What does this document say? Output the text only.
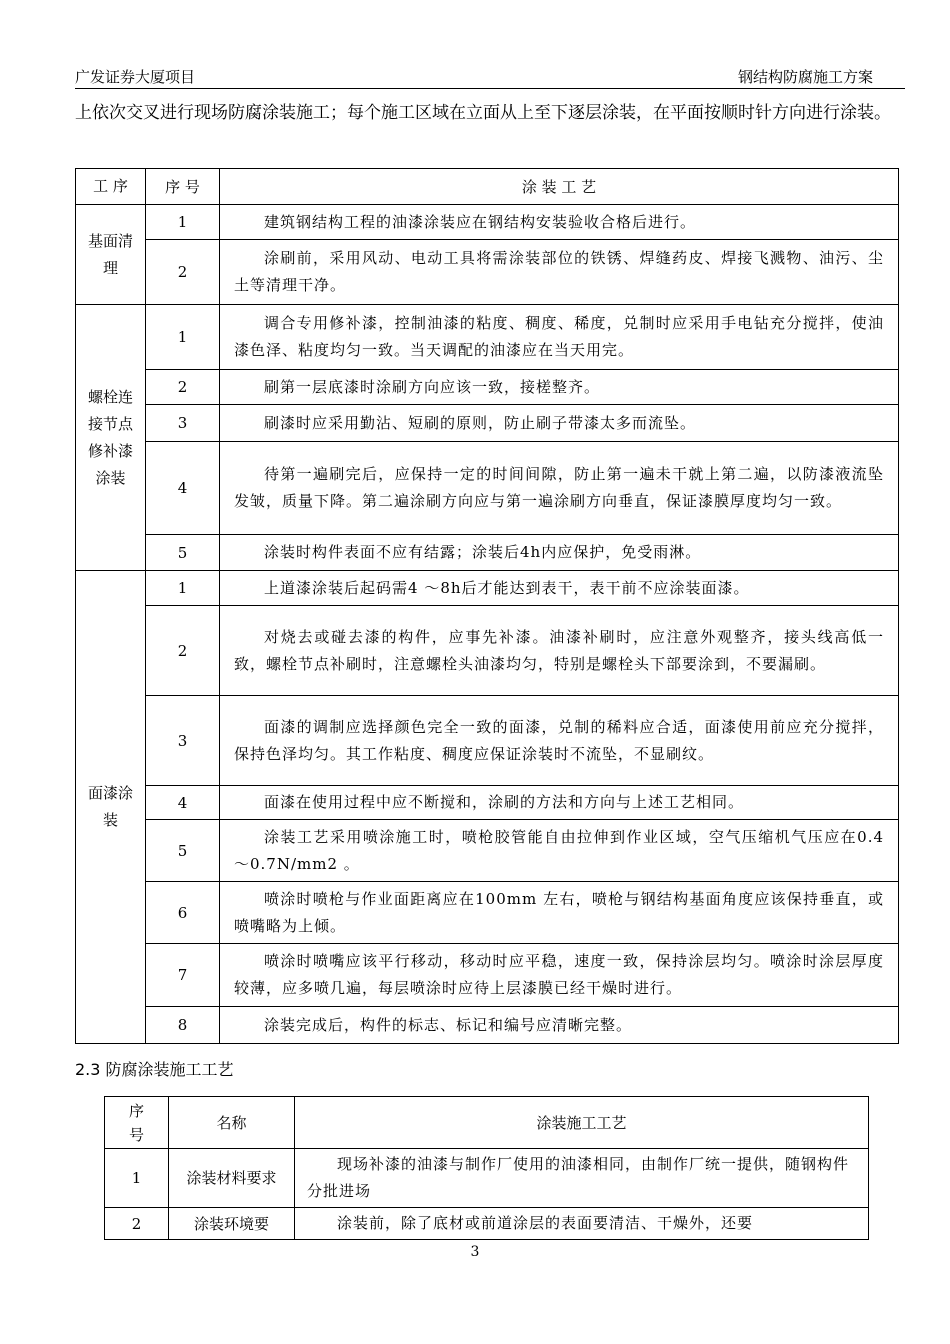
广发证券大厦项目	钢结构防腐施工方案
上依次交叉进行现场防腐涂装施工；每个施工区域在立面从上至下逐层涂装，在平面按顺时针方向进行涂装。
工 序	序 号	涂 装 工 艺
基面清理	1	建筑钢结构工程的油漆涂装应在钢结构安装验收合格后进行。

	2	涂刷前，采用风动、电动工具将需涂装部位的铁锈、焊缝药皮、焊接飞溅物、油污、尘土等清理干净。

螺栓连接节点修补漆涂装	1	调合专用修补漆，控制油漆的粘度、稠度、稀度，兑制时应采用手电钻充分搅拌，使油漆色泽、粘度均匀一致。当天调配的油漆应在当天用完。

	2	刷第一层底漆时涂刷方向应该一致，接槎整齐。

	3	刷漆时应采用勤沾、短刷的原则，防止刷子带漆太多而流坠。

	4	待第一遍刷完后，应保持一定的时间间隙，防止第一遍未干就上第二遍，以防漆液流坠发皱，质量下降。第二遍涂刷方向应与第一遍涂刷方向垂直，保证漆膜厚度均匀一致。

	5	涂装时构件表面不应有结露；涂装后4h内应保护，免受雨淋。

面漆涂装	1	上道漆涂装后起码需4 ～8h后才能达到表干，表干前不应涂装面漆。

	2	对烧去或碰去漆的构件，应事先补漆。油漆补刷时，应注意外观整齐，接头线高低一致，螺栓节点补刷时，注意螺栓头油漆均匀，特别是螺栓头下部要涂到，不要漏刷。

	3	面漆的调制应选择颜色完全一致的面漆，兑制的稀料应合适，面漆使用前应充分搅拌，保持色泽均匀。其工作粘度、稠度应保证涂装时不流坠，不显刷纹。

	4	面漆在使用过程中应不断搅和，涂刷的方法和方向与上述工艺相同。

	5	涂装工艺采用喷涂施工时，喷枪胶管能自由拉伸到作业区域，空气压缩机气压应在0.4 ～0.7N/mm2 。

	6	喷涂时喷枪与作业面距离应在100mm 左右，喷枪与钢结构基面角度应该保持垂直，或喷嘴略为上倾。

	7	喷涂时喷嘴应该平行移动，移动时应平稳，速度一致，保持涂层均匀。喷涂时涂层厚度较薄，应多喷几遍，每层喷涂时应待上层漆膜已经干燥时进行。

	8	涂装完成后，构件的标志、标记和编号应清晰完整。
2.3 防腐涂装施工工艺
序号	名称	涂装施工工艺
1	涂装材料要求	现场补漆的油漆与制作厂使用的油漆相同，由制作厂统一提供，随钢构件分批进场

2	涂装环境要	涂装前，除了底材或前道涂层的表面要清洁、干燥外，还要
3
